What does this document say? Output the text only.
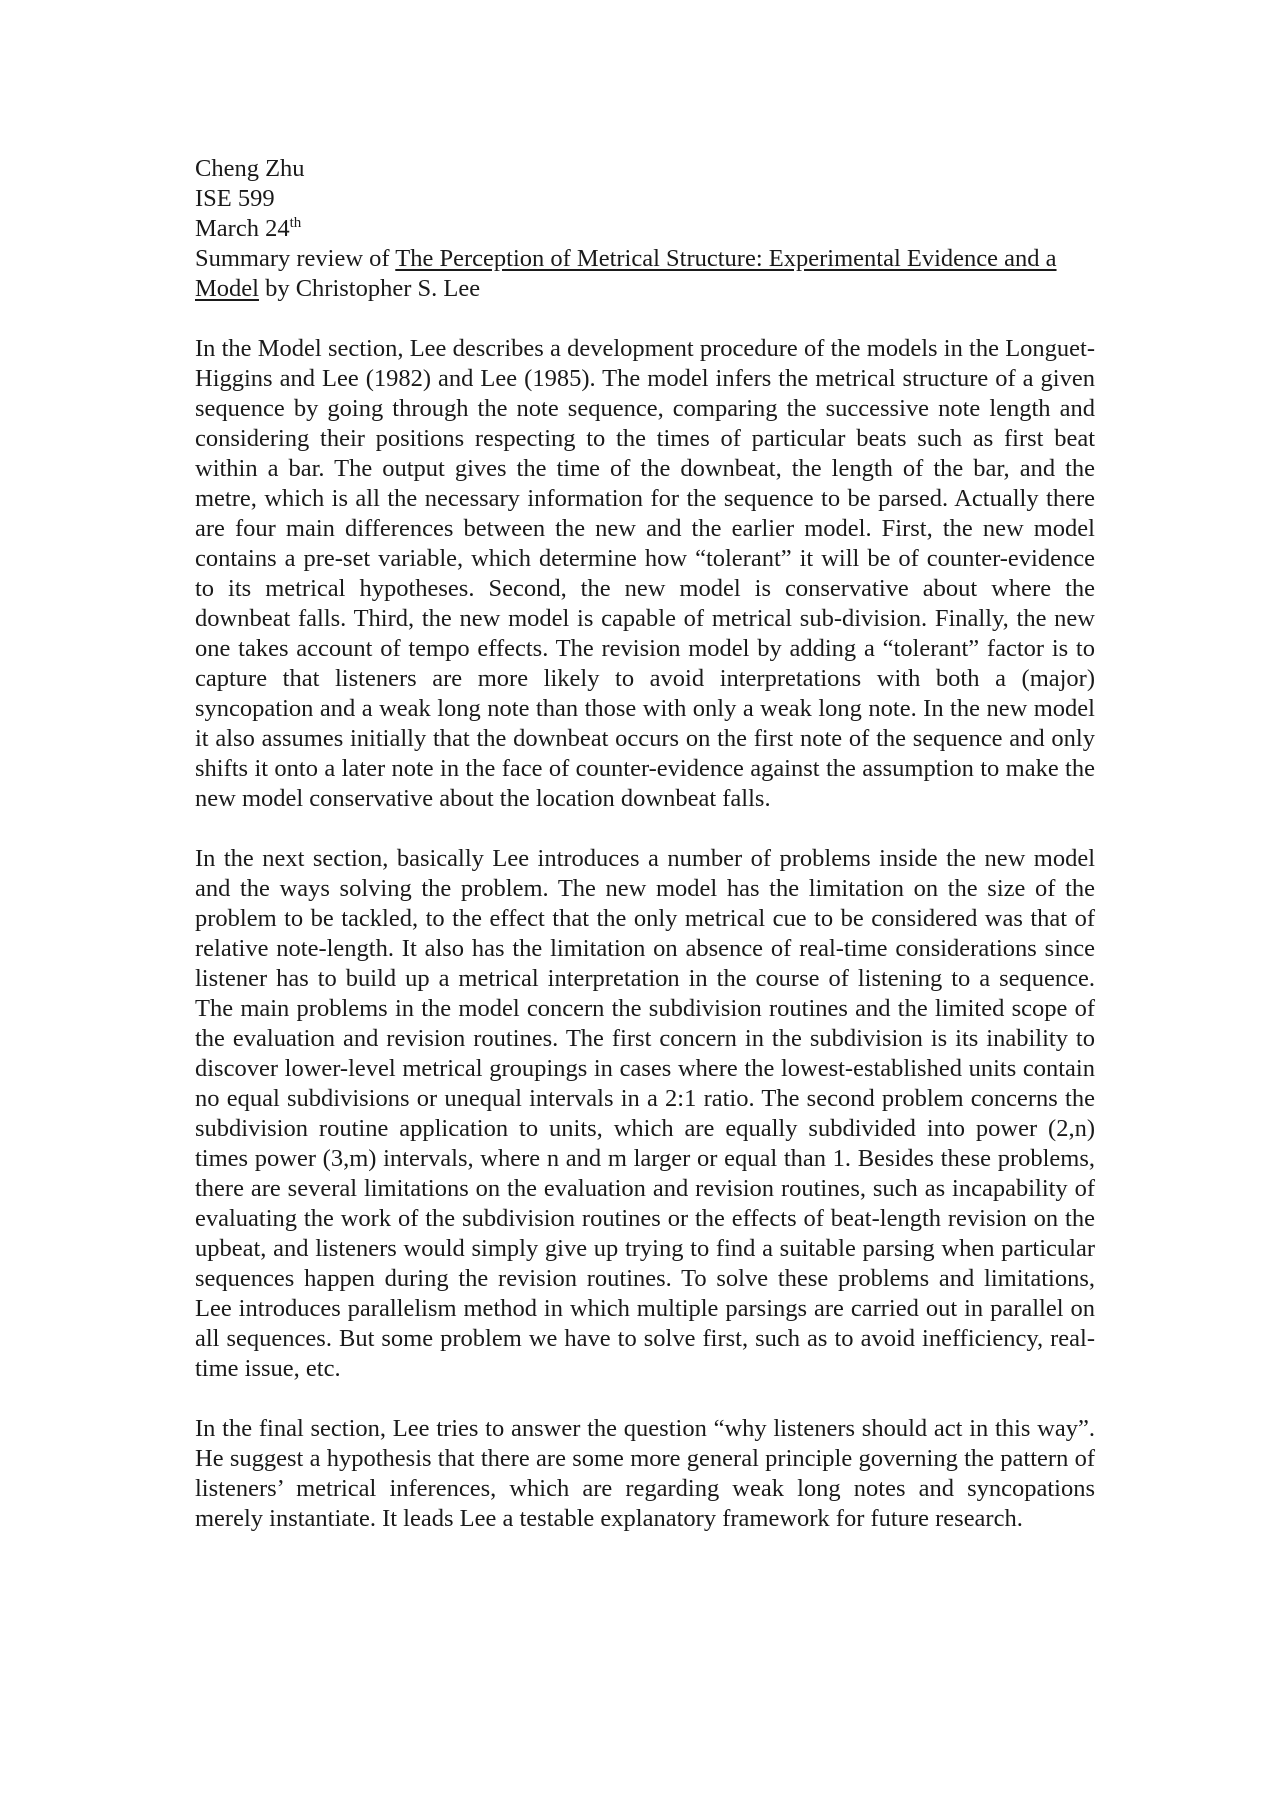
Cheng Zhu
ISE 599
March 24th
Summary review of The Perception of Metrical Structure: Experimental Evidence and a Model by Christopher S. Lee

In the Model section, Lee describes a development procedure of the models in the Longuet-Higgins and Lee (1982) and Lee (1985). The model infers the metrical structure of a given sequence by going through the note sequence, comparing the successive note length and considering their positions respecting to the times of particular beats such as first beat within a bar. The output gives the time of the downbeat, the length of the bar, and the metre, which is all the necessary information for the sequence to be parsed. Actually there are four main differences between the new and the earlier model. First, the new model contains a pre-set variable, which determine how “tolerant” it will be of counter-evidence to its metrical hypotheses. Second, the new model is conservative about where the downbeat falls. Third, the new model is capable of metrical sub-division. Finally, the new one takes account of tempo effects. The revision model by adding a “tolerant” factor is to capture that listeners are more likely to avoid interpretations with both a (major) syncopation and a weak long note than those with only a weak long note. In the new model it also assumes initially that the downbeat occurs on the first note of the sequence and only shifts it onto a later note in the face of counter-evidence against the assumption to make the new model conservative about the location downbeat falls.

In the next section, basically Lee introduces a number of problems inside the new model and the ways solving the problem. The new model has the limitation on the size of the problem to be tackled, to the effect that the only metrical cue to be considered was that of relative note-length. It also has the limitation on absence of real-time considerations since listener has to build up a metrical interpretation in the course of listening to a sequence. The main problems in the model concern the subdivision routines and the limited scope of the evaluation and revision routines. The first concern in the subdivision is its inability to discover lower-level metrical groupings in cases where the lowest-established units contain no equal subdivisions or unequal intervals in a 2:1 ratio. The second problem concerns the subdivision routine application to units, which are equally subdivided into power (2,n) times power (3,m) intervals, where n and m larger or equal than 1. Besides these problems, there are several limitations on the evaluation and revision routines, such as incapability of evaluating the work of the subdivision routines or the effects of beat-length revision on the upbeat, and listeners would simply give up trying to find a suitable parsing when particular sequences happen during the revision routines. To solve these problems and limitations, Lee introduces parallelism method in which multiple parsings are carried out in parallel on all sequences. But some problem we have to solve first, such as to avoid inefficiency, real-time issue, etc.

In the final section, Lee tries to answer the question “why listeners should act in this way”. He suggest a hypothesis that there are some more general principle governing the pattern of listeners’ metrical inferences, which are regarding weak long notes and syncopations merely instantiate. It leads Lee a testable explanatory framework for future research.
